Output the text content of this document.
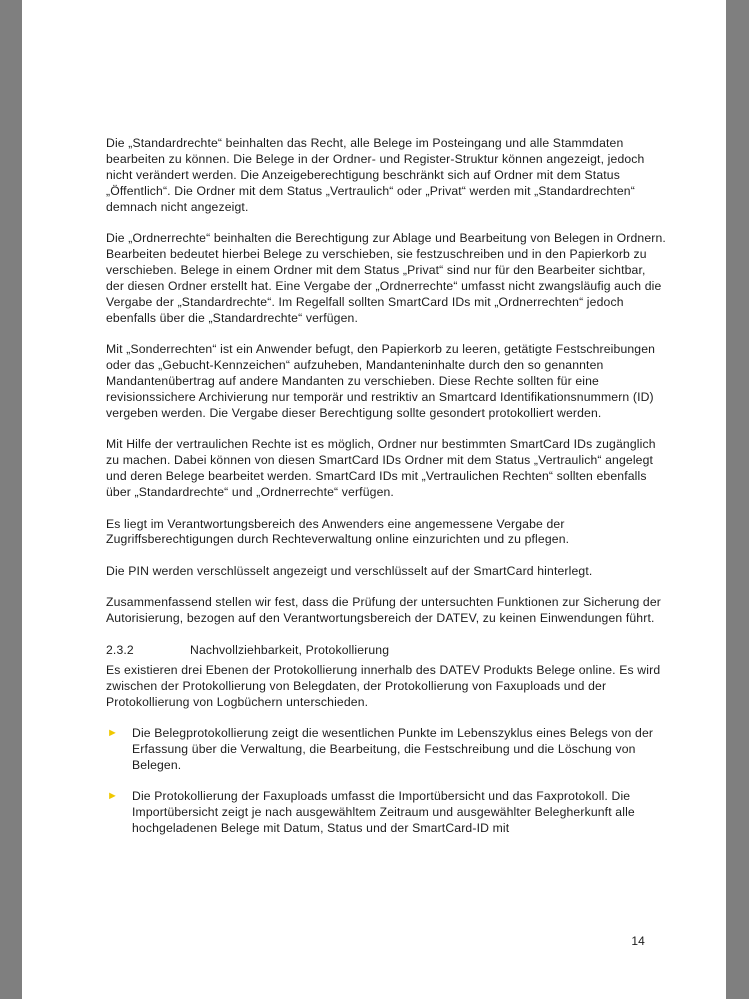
Die „Standardrechte“ beinhalten das Recht, alle Belege im Posteingang und alle Stammdaten bearbeiten zu können. Die Belege in der Ordner- und Register-Struktur können angezeigt, jedoch nicht verändert werden. Die Anzeigeberechtigung beschränkt sich auf Ordner mit dem Status „Öffentlich“. Die Ordner mit dem Status „Vertraulich“ oder „Privat“ werden mit „Standardrechten“ demnach nicht angezeigt.

Die „Ordnerrechte“ beinhalten die Berechtigung zur Ablage und Bearbeitung von Belegen in Ordnern. Bearbeiten bedeutet hierbei Belege zu verschieben, sie festzuschreiben und in den Papierkorb zu verschieben. Belege in einem Ordner mit dem Status „Privat“ sind nur für den Bearbeiter sichtbar, der diesen Ordner erstellt hat. Eine Vergabe der „Ordnerrechte“ umfasst nicht zwangsläufig auch die Vergabe der „Standardrechte“. Im Regelfall sollten SmartCard IDs mit „Ordnerrechten“ jedoch ebenfalls über die „Standardrechte“ verfügen.

Mit „Sonderrechten“ ist ein Anwender befugt, den Papierkorb zu leeren, getätigte Festschreibungen oder das „Gebucht-Kennzeichen“ aufzuheben, Mandanteninhalte durch den so genannten Mandantenübertrag auf andere Mandanten zu verschieben. Diese Rechte sollten für eine revisionssichere Archivierung nur temporär und restriktiv an Smartcard Identifikationsnummern (ID) vergeben werden. Die Vergabe dieser Berechtigung sollte gesondert protokolliert werden.

Mit Hilfe der vertraulichen Rechte ist es möglich, Ordner nur bestimmten SmartCard IDs zugänglich zu machen. Dabei können von diesen SmartCard IDs Ordner mit dem Status „Vertraulich“ angelegt und deren Belege bearbeitet werden. SmartCard IDs mit „Vertraulichen Rechten“ sollten ebenfalls über „Standardrechte“ und „Ordnerrechte“ verfügen.

Es liegt im Verantwortungsbereich des Anwenders eine angemessene Vergabe der Zugriffsberechtigungen durch Rechteverwaltung online einzurichten und zu pflegen.

Die PIN werden verschlüsselt angezeigt und verschlüsselt auf der SmartCard hinterlegt.

Zusammenfassend stellen wir fest, dass die Prüfung der untersuchten Funktionen zur Sicherung der Autorisierung, bezogen auf den Verantwortungsbereich der DATEV, zu keinen Einwendungen führt.

2.3.2	Nachvollziehbarkeit, Protokollierung

Es existieren drei Ebenen der Protokollierung innerhalb des DATEV Produkts Belege online. Es wird zwischen der Protokollierung von Belegdaten, der Protokollierung von Faxuploads und der Protokollierung von Logbüchern unterschieden.

► Die Belegprotokollierung zeigt die wesentlichen Punkte im Lebenszyklus eines Belegs von der Erfassung über die Verwaltung, die Bearbeitung, die Festschreibung und die Löschung von Belegen.
► Die Protokollierung der Faxuploads umfasst die Importübersicht und das Faxprotokoll. Die Importübersicht zeigt je nach ausgewähltem Zeitraum und ausgewählter Belegherkunft alle hochgeladenen Belege mit Datum, Status und der SmartCard-ID mit
14
